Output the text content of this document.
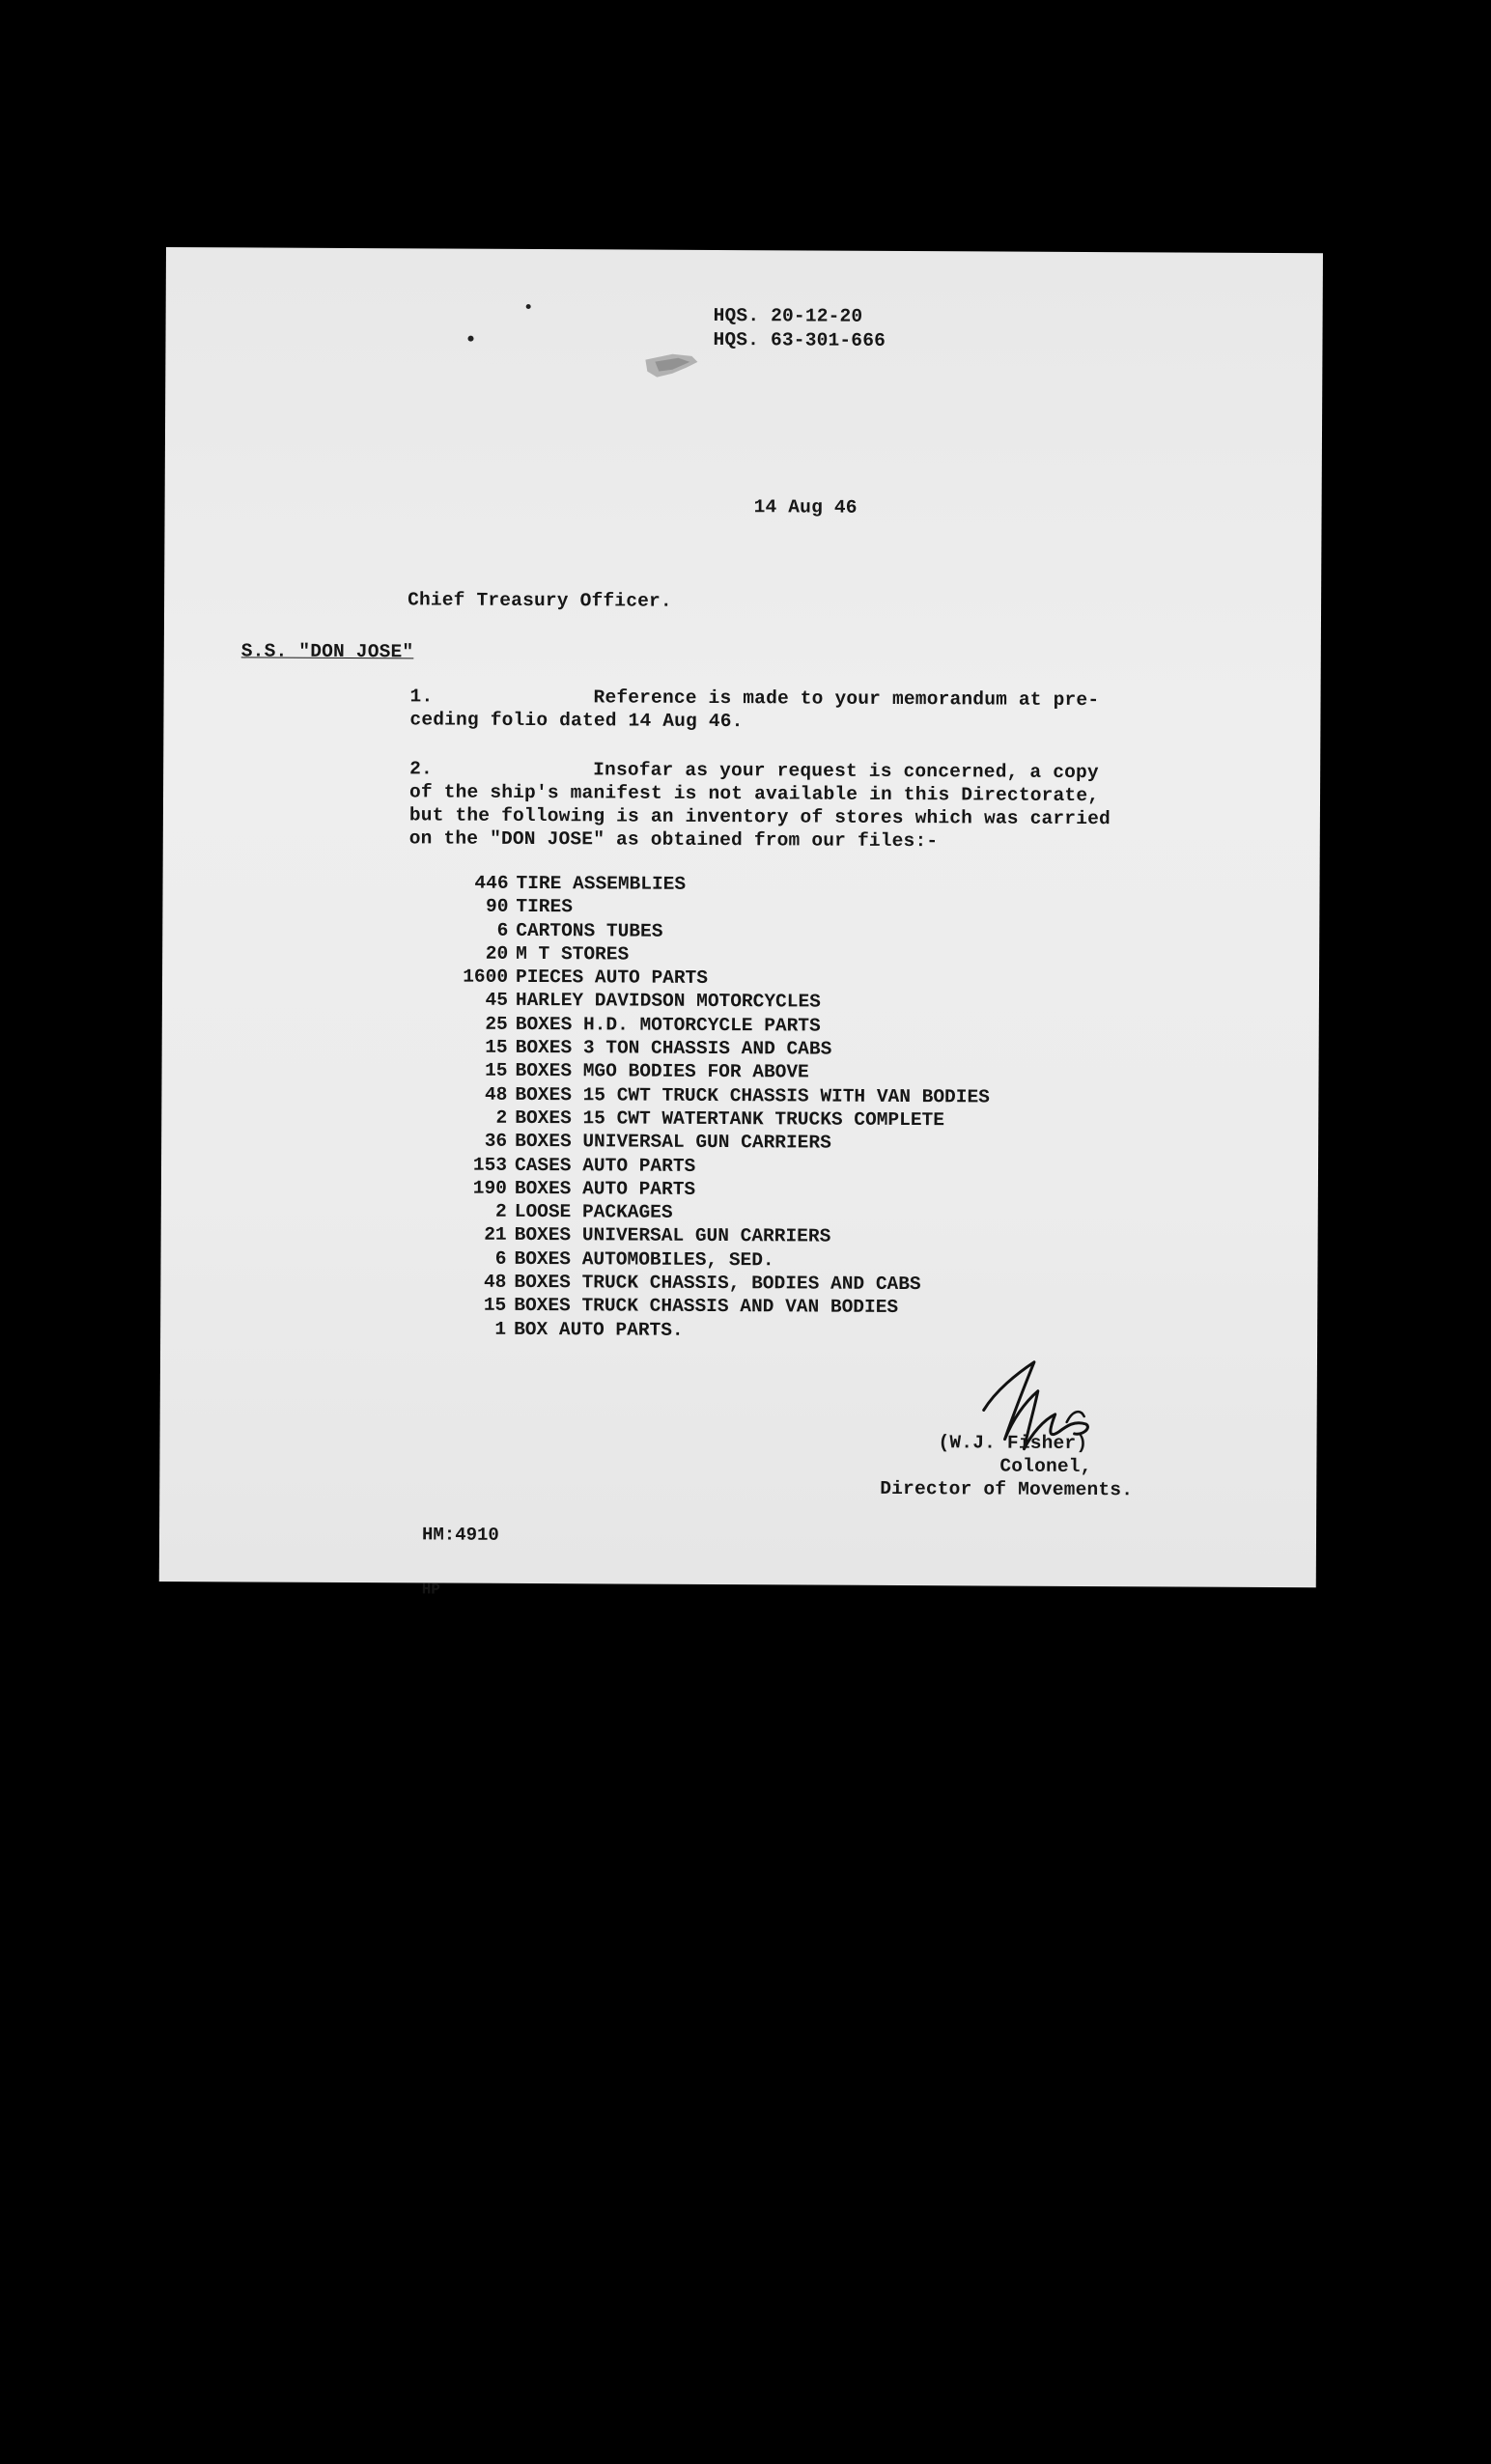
HQS. 20-12-20
HQS. 63-301-666
14 Aug 46
Chief Treasury Officer.
S.S. "DON JOSE"
1.	Reference is made to your memorandum at pre-
ceding folio dated 14 Aug 46.
2.	Insofar as your request is concerned, a copy
of the ship's manifest is not available in this Directorate,
but the following is an inventory of stores which was carried
on the "DON JOSE" as obtained from our files:-
446 TIRE ASSEMBLIES
90 TIRES
6 CARTONS TUBES
20 M T STORES
1600 PIECES AUTO PARTS
45 HARLEY DAVIDSON MOTORCYCLES
25 BOXES H.D. MOTORCYCLE PARTS
15 BOXES 3 TON CHASSIS AND CABS
15 BOXES MGO BODIES FOR ABOVE
48 BOXES 15 CWT TRUCK CHASSIS WITH VAN BODIES
2 BOXES 15 CWT WATERTANK TRUCKS COMPLETE
36 BOXES UNIVERSAL GUN CARRIERS
153 CASES AUTO PARTS
190 BOXES AUTO PARTS
2 LOOSE PACKAGES
21 BOXES UNIVERSAL GUN CARRIERS
6 BOXES AUTOMOBILES, SED.
48 BOXES TRUCK CHASSIS, BODIES AND CABS
15 BOXES TRUCK CHASSIS AND VAN BODIES
1 BOX AUTO PARTS.
(W.J. Fisher)
Colonel,
Director of Movements.

HM:4910

HP
